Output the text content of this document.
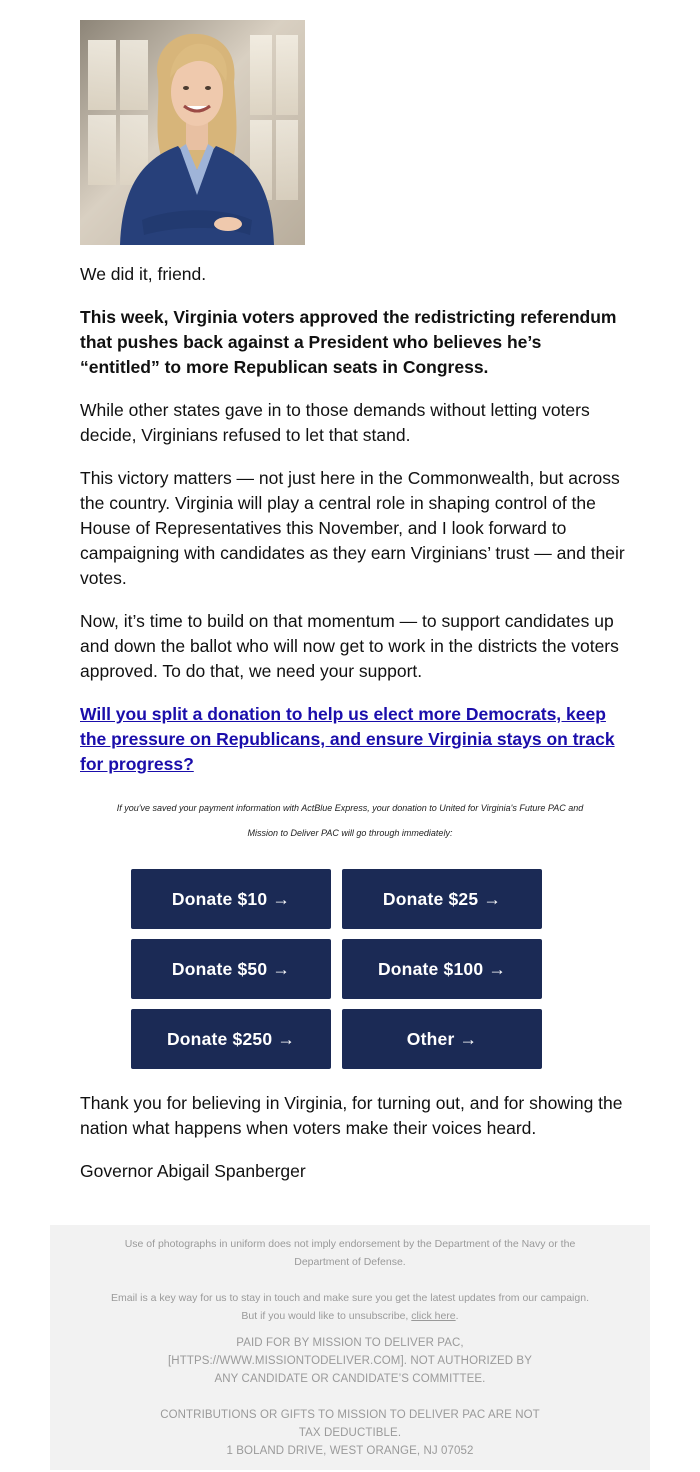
We did it, friend.

This week, Virginia voters approved the redistricting referendum that pushes back against a President who believes he’s “entitled” to more Republican seats in Congress.

While other states gave in to those demands without letting voters decide, Virginians refused to let that stand.

This victory matters — not just here in the Commonwealth, but across the country. Virginia will play a central role in shaping control of the House of Representatives this November, and I look forward to campaigning with candidates as they earn Virginians’ trust — and their votes.

Now, it’s time to build on that momentum — to support candidates up and down the ballot who will now get to work in the districts the voters approved. To do that, we need your support.

Will you split a donation to help us elect more Democrats, keep the pressure on Republicans, and ensure Virginia stays on track for progress?

Thank you for believing in Virginia, for turning out, and for showing the nation what happens when voters make their voices heard.

Governor Abigail Spanberger

If you've saved your payment information with ActBlue Express, your donation to United for Virginia's Future PAC and
Mission to Deliver PAC will go through immediately:
Donate $10 →	Donate $25 →
Donate $50 →	Donate $100 →
Donate $250 →	Other →
Use of photographs in uniform does not imply endorsement by the Department of the Navy or the
Department of Defense.
Email is a key way for us to stay in touch and make sure you get the latest updates from our campaign.
But if you would like to unsubscribe, click here.
PAID FOR BY MISSION TO DELIVER PAC,
[HTTPS://WWW.MISSIONTODELIVER.COM]. NOT AUTHORIZED BY
ANY CANDIDATE OR CANDIDATE’S COMMITTEE.
CONTRIBUTIONS OR GIFTS TO MISSION TO DELIVER PAC ARE NOT
TAX DEDUCTIBLE.
1 BOLAND DRIVE, WEST ORANGE, NJ 07052
